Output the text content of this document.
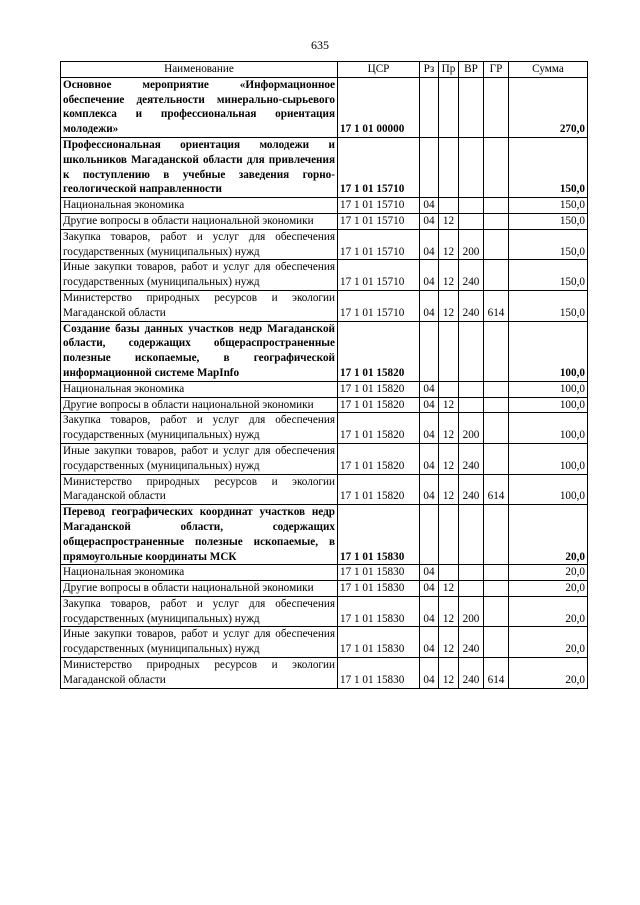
635
Наименование	ЦСР	Рз	Пр	ВР	ГР	Сумма
Основное мероприятие «Информационное обеспечение деятельности минерально-сырьевого комплекса и профессиональная ориентация молодежи»	17 1 01 00000					270,0
Профессиональная ориентация молодежи и школьников Магаданской области для привлечения к поступлению в учебные заведения горно-геологической направленности	17 1 01 15710					150,0
Национальная экономика	17 1 01 15710	04				150,0
Другие вопросы в области национальной экономики	17 1 01 15710	04	12			150,0
Закупка товаров, работ и услуг для обеспечения государственных (муниципальных) нужд	17 1 01 15710	04	12	200		150,0
Иные закупки товаров, работ и услуг для обеспечения государственных (муниципальных) нужд	17 1 01 15710	04	12	240		150,0
Министерство природных ресурсов и экологии Магаданской области	17 1 01 15710	04	12	240	614	150,0
Создание базы данных участков недр Магаданской области, содержащих общераспространенные полезные ископаемые, в географической информационной системе MapInfo	17 1 01 15820					100,0
Национальная экономика	17 1 01 15820	04				100,0
Другие вопросы в области национальной экономики	17 1 01 15820	04	12			100,0
Закупка товаров, работ и услуг для обеспечения государственных (муниципальных) нужд	17 1 01 15820	04	12	200		100,0
Иные закупки товаров, работ и услуг для обеспечения государственных (муниципальных) нужд	17 1 01 15820	04	12	240		100,0
Министерство природных ресурсов и экологии Магаданской области	17 1 01 15820	04	12	240	614	100,0
Перевод географических координат участков недр Магаданской области, содержащих общераспространенные полезные ископаемые, в прямоугольные координаты МСК	17 1 01 15830					20,0
Национальная экономика	17 1 01 15830	04				20,0
Другие вопросы в области национальной экономики	17 1 01 15830	04	12			20,0
Закупка товаров, работ и услуг для обеспечения государственных (муниципальных) нужд	17 1 01 15830	04	12	200		20,0
Иные закупки товаров, работ и услуг для обеспечения государственных (муниципальных) нужд	17 1 01 15830	04	12	240		20,0
Министерство природных ресурсов и экологии Магаданской области	17 1 01 15830	04	12	240	614	20,0
